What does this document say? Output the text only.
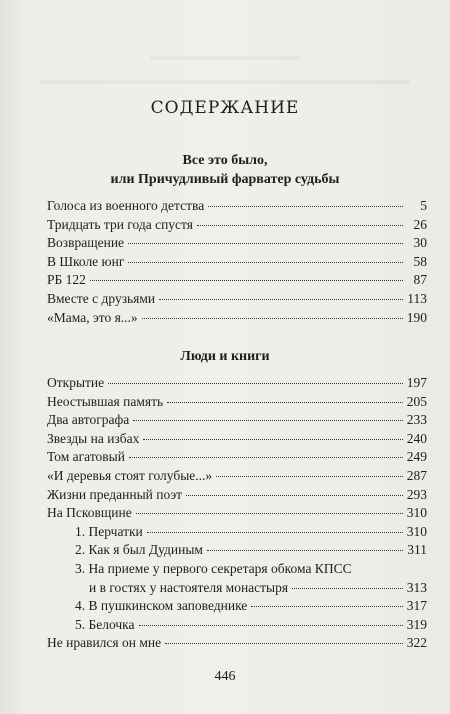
СОДЕРЖАНИЕ
Все это было,
или Причудливый фарватер судьбы
Голоса из военного детства	5
Тридцать три года спустя	26
Возвращение	30
В Школе юнг	58
РБ 122	87
Вместе с друзьями	113
«Мама, это я...»	190
Люди и книги
Открытие	197
Неостывшая память	205
Два автографа	233
Звезды на избах	240
Том агатовый	249
«И деревья стоят голубые...»	287
Жизни преданный поэт	293
На Псковщине	310
1. Перчатки	310
2. Как я был Дудиным	311
3. На приеме у первого секретаря обкома КПСС
и в гостях у настоятеля монастыря	313
4. В пушкинском заповеднике	317
5. Белочка	319
Не нравился он мне	322
446
